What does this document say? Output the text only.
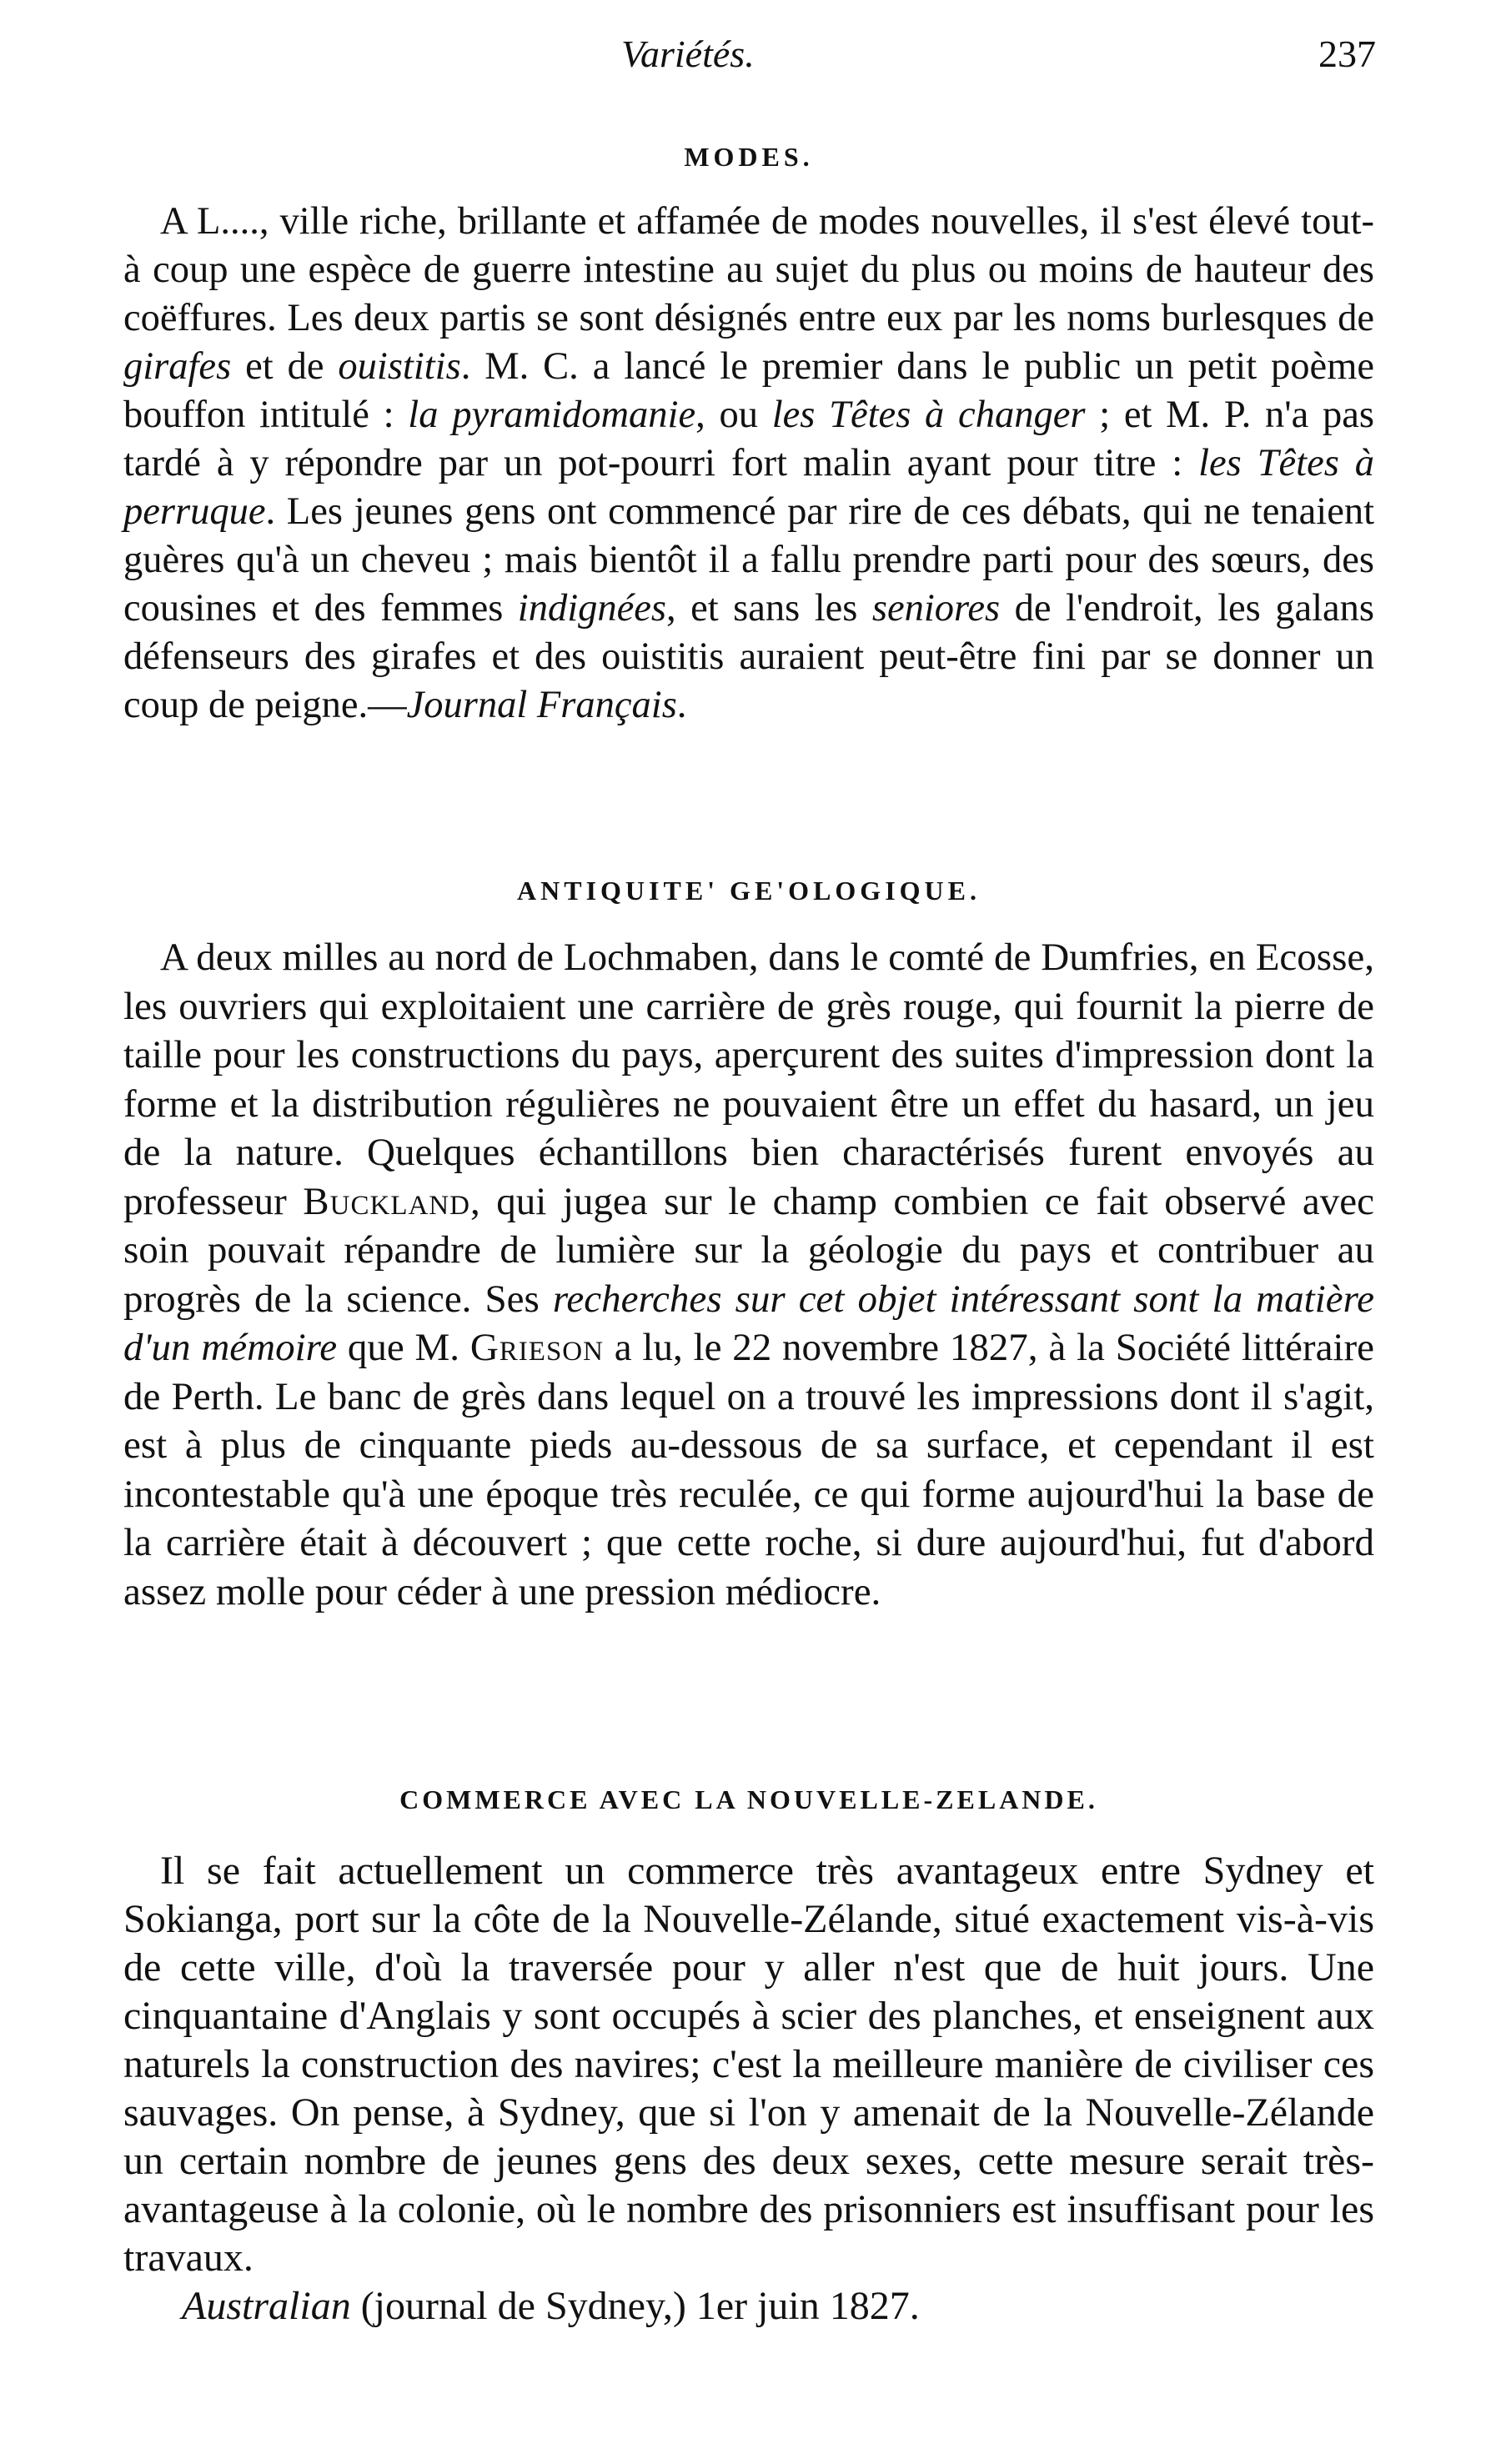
Variétés.	237
MODES.

A L...., ville riche, brillante et affamée de modes nouvelles, il s'est élevé tout-à coup une espèce de guerre intestine au sujet du plus ou moins de hauteur des coëffures. Les deux partis se sont désignés entre eux par les noms burlesques de girafes et de ouistitis. M. C. a lancé le premier dans le public un petit poème bouffon intitulé : la pyramidomanie, ou les Têtes à changer ; et M. P. n'a pas tardé à y répondre par un pot-pourri fort malin ayant pour titre : les Têtes à perruque. Les jeunes gens ont commencé par rire de ces débats, qui ne tenaient guères qu'à un cheveu ; mais bientôt il a fallu prendre parti pour des sœurs, des cousines et des femmes indignées, et sans les seniores de l'endroit, les galans défenseurs des girafes et des ouistitis auraient peut-être fini par se donner un coup de peigne.—Journal Français.

ANTIQUITE' GE'OLOGIQUE.

A deux milles au nord de Lochmaben, dans le comté de Dumfries, en Ecosse, les ouvriers qui exploitaient une carrière de grès rouge, qui fournit la pierre de taille pour les constructions du pays, aperçurent des suites d'impression dont la forme et la distribution régulières ne pouvaient être un effet du hasard, un jeu de la nature. Quelques échantillons bien charactérisés furent envoyés au professeur Buckland, qui jugea sur le champ combien ce fait observé avec soin pouvait répandre de lumière sur la géologie du pays et contribuer au progrès de la science. Ses recherches sur cet objet intéressant sont la matière d'un mémoire que M. Grieson a lu, le 22 novembre 1827, à la Société littéraire de Perth. Le banc de grès dans lequel on a trouvé les impressions dont il s'agit, est à plus de cinquante pieds au-dessous de sa surface, et cependant il est incontestable qu'à une époque très reculée, ce qui forme aujourd'hui la base de la carrière était à découvert ; que cette roche, si dure aujourd'hui, fut d'abord assez molle pour céder à une pression médiocre.

COMMERCE AVEC LA NOUVELLE-ZELANDE.

Il se fait actuellement un commerce très avantageux entre Sydney et Sokianga, port sur la côte de la Nouvelle-Zélande, situé exactement vis-à-vis de cette ville, d'où la traversée pour y aller n'est que de huit jours. Une cinquantaine d'Anglais y sont occupés à scier des planches, et enseignent aux naturels la construction des navires; c'est la meilleure manière de civiliser ces sauvages. On pense, à Sydney, que si l'on y amenait de la Nouvelle-Zélande un certain nombre de jeunes gens des deux sexes, cette mesure serait très-avantageuse à la colonie, où le nombre des prisonniers est insuffisant pour les travaux.

Australian (journal de Sydney,) 1er juin 1827.
